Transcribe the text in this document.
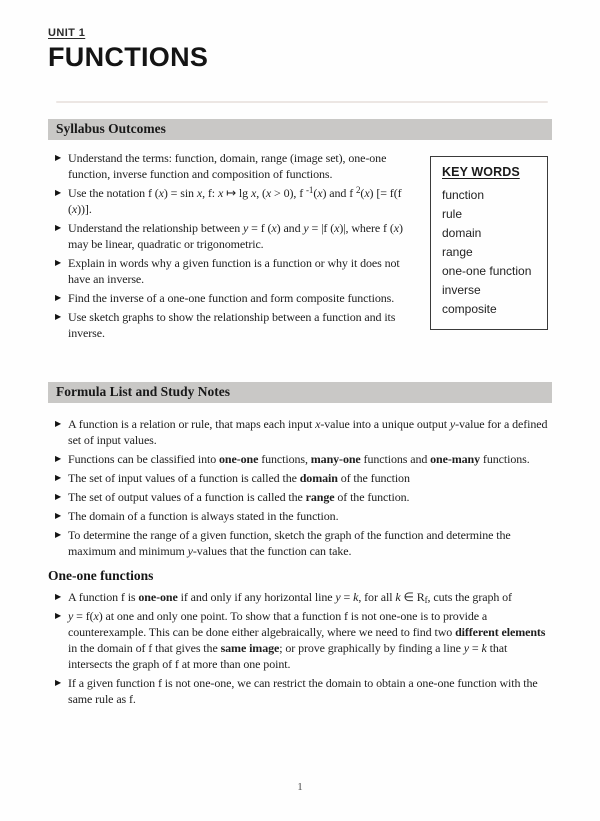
UNIT 1
FUNCTIONS
Syllabus Outcomes
▶ Understand the terms: function, domain, range (image set), one-one function, inverse function and composition of functions.
▶ Use the notation f (x) = sin x, f: x ↦ lg x, (x > 0), f $^{-1}$(x) and f $^2$(x) [= f(f (x))].
▶ Understand the relationship between y = f (x) and y = |f (x)|, where f (x) may be linear, quadratic or trigonometric.
▶ Explain in words why a given function is a function or why it does not have an inverse.
▶ Find the inverse of a one-one function and form composite functions.
▶ Use sketch graphs to show the relationship between a function and its inverse.
KEY WORDS
function
rule
domain
range
one-one function
inverse
composite
Formula List and Study Notes
▶ A function is a relation or rule, that maps each input x-value into a unique output y-value for a defined set of input values.
▶ Functions can be classified into one-one functions, many-one functions and one-many functions.
▶ The set of input values of a function is called the domain of the function
▶ The set of output values of a function is called the range of the function.
▶ The domain of a function is always stated in the function.
▶ To determine the range of a given function, sketch the graph of the function and determine the maximum and minimum y-values that the function can take.
One-one functions
▶ A function f is one-one if and only if any horizontal line y = k, for all k ∈ $R_f$, cuts the graph of
▶ y = f(x) at one and only one point. To show that a function f is not one-one is to provide a counterexample. This can be done either algebraically, where we need to find two different elements in the domain of f that gives the same image; or prove graphically by finding a line y = k that intersects the graph of f at more than one point.
▶ If a given function f is not one-one, we can restrict the domain to obtain a one-one function with the same rule as f.
1
